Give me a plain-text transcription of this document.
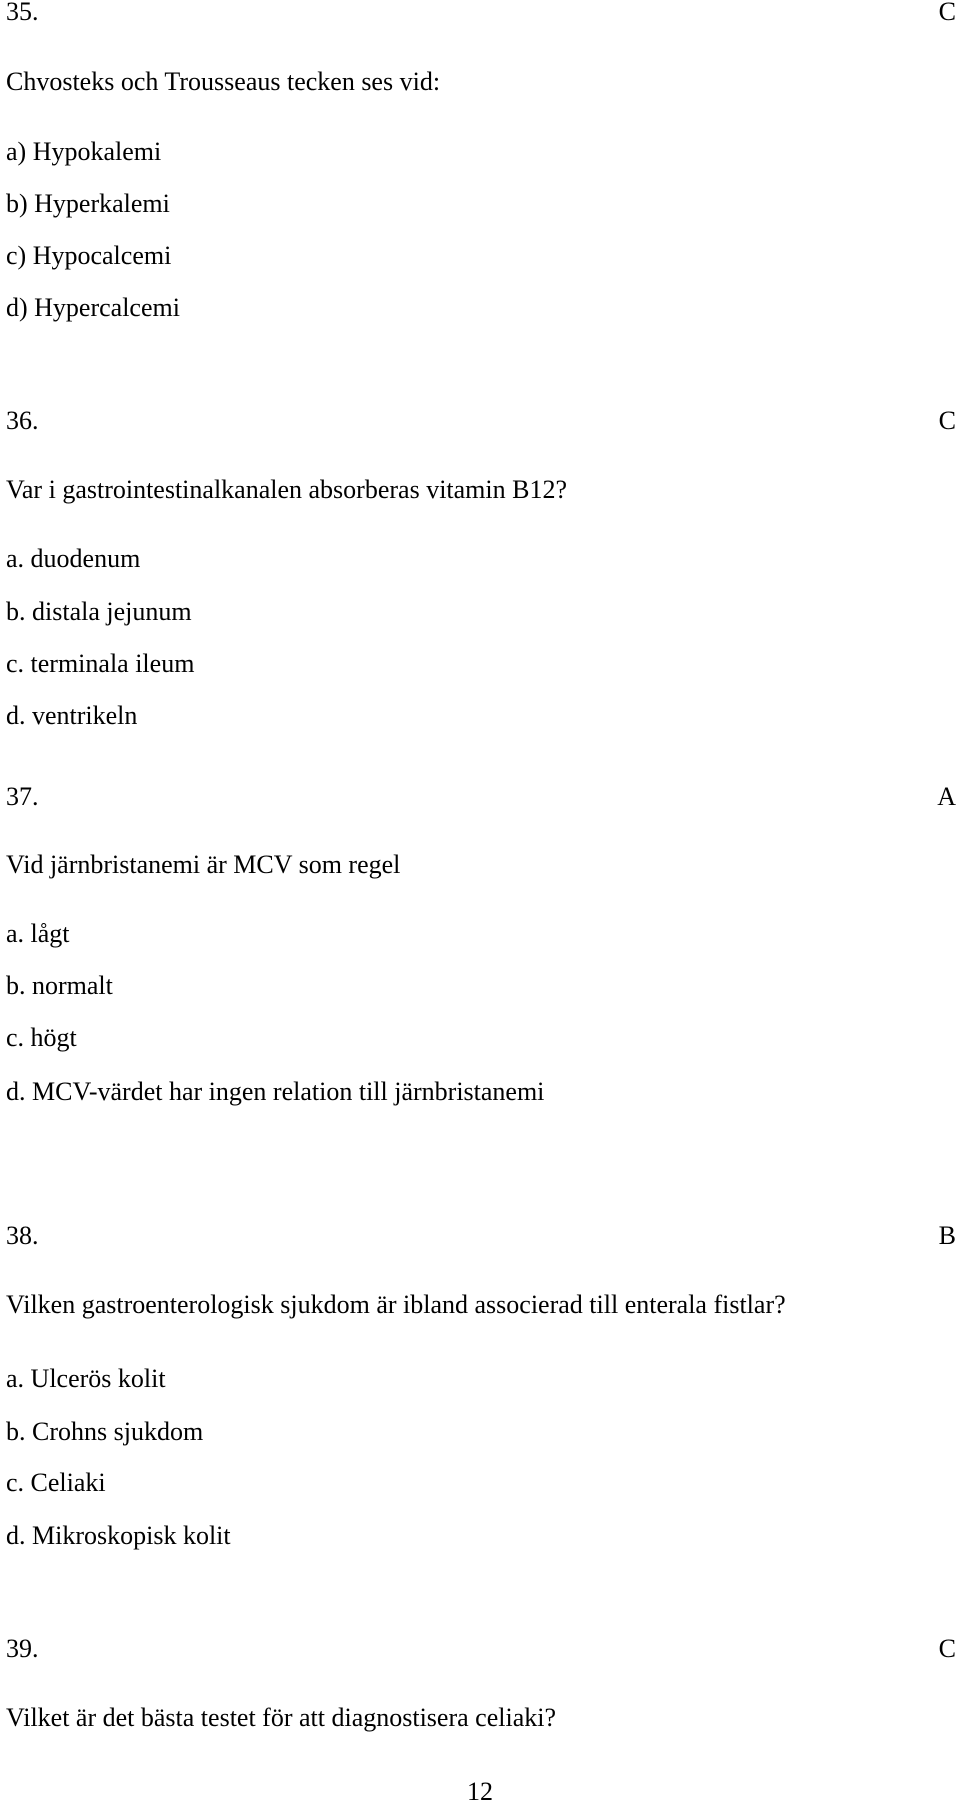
35.	C
Chvosteks och Trousseaus tecken ses vid:
a) Hypokalemi
b) Hyperkalemi
c) Hypocalcemi
d) Hypercalcemi
36.	C
Var i gastrointestinalkanalen absorberas vitamin B12?
a. duodenum
b. distala jejunum
c. terminala ileum
d. ventrikeln
37.	A
Vid järnbristanemi är MCV som regel
a. lågt
b. normalt
c. högt
d. MCV-värdet har ingen relation till järnbristanemi
38.	B
Vilken gastroenterologisk sjukdom är ibland associerad till enterala fistlar?
a. Ulcerös kolit
b. Crohns sjukdom
c. Celiaki
d. Mikroskopisk kolit
39.	C
Vilket är det bästa testet för att diagnostisera celiaki?
12
